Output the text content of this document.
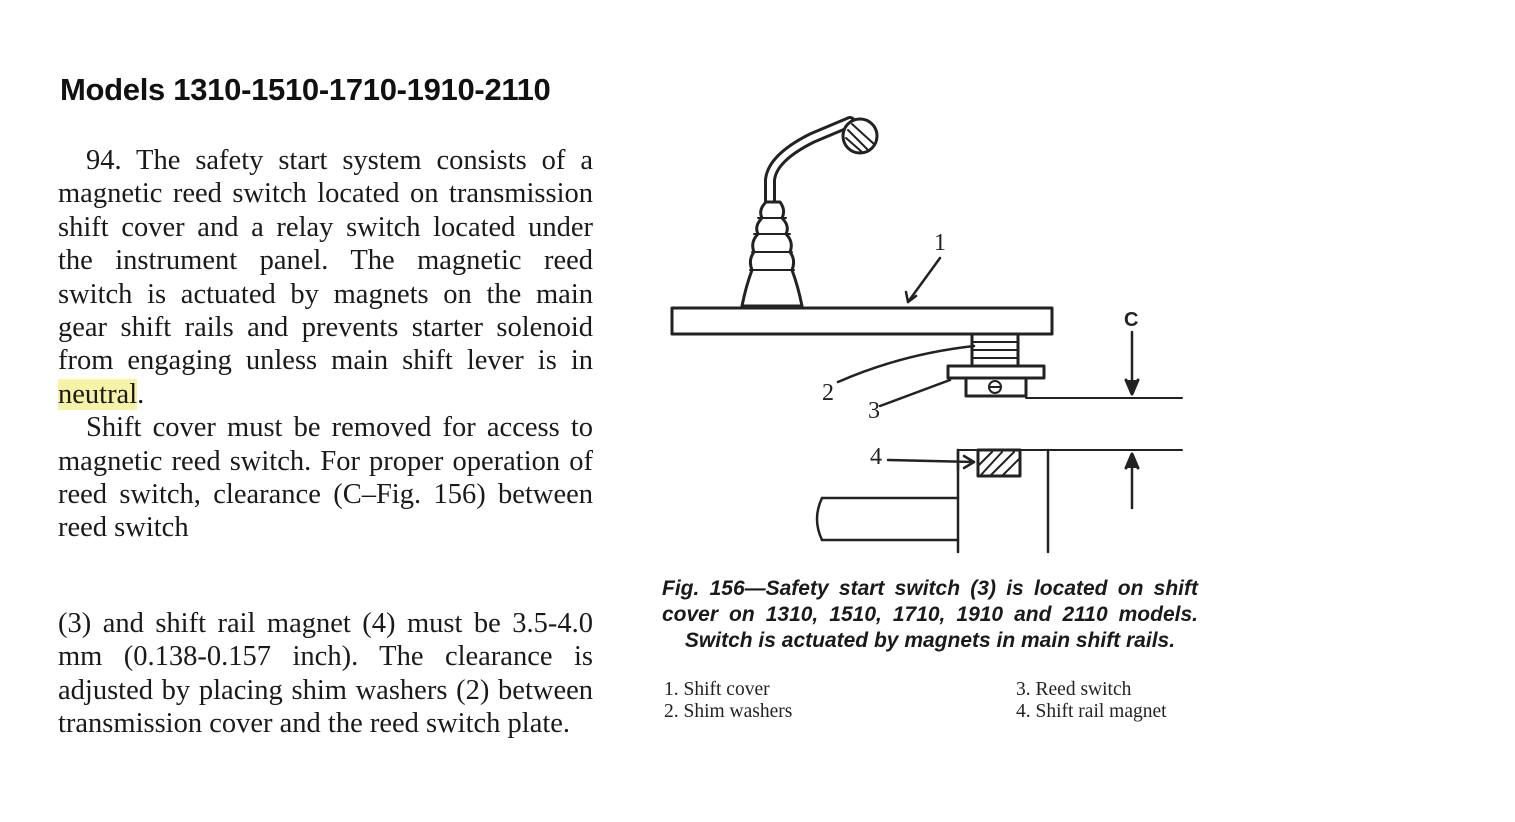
Models 1310-1510-1710-1910-2110

94. The safety start system consists of a magnetic reed switch located on transmission shift cover and a relay switch located under the instrument panel. The magnetic reed switch is actuated by magnets on the main gear shift rails and prevents starter solenoid from engaging unless main shift lever is in neutral.

Shift cover must be removed for access to magnetic reed switch. For proper operation of reed switch, clearance (C–Fig. 156) between reed switch

(3) and shift rail magnet (4) must be 3.5-4.0 mm (0.138-0.157 inch). The clearance is adjusted by placing shim washers (2) between transmission cover and the reed switch plate.

1
2
3
4
C
Fig. 156—Safety start switch (3) is located on shift cover on 1310, 1510, 1710, 1910 and 2110 models. Switch is actuated by magnets in main shift rails.
1. Shift cover
2. Shim washers
3. Reed switch
4. Shift rail magnet
